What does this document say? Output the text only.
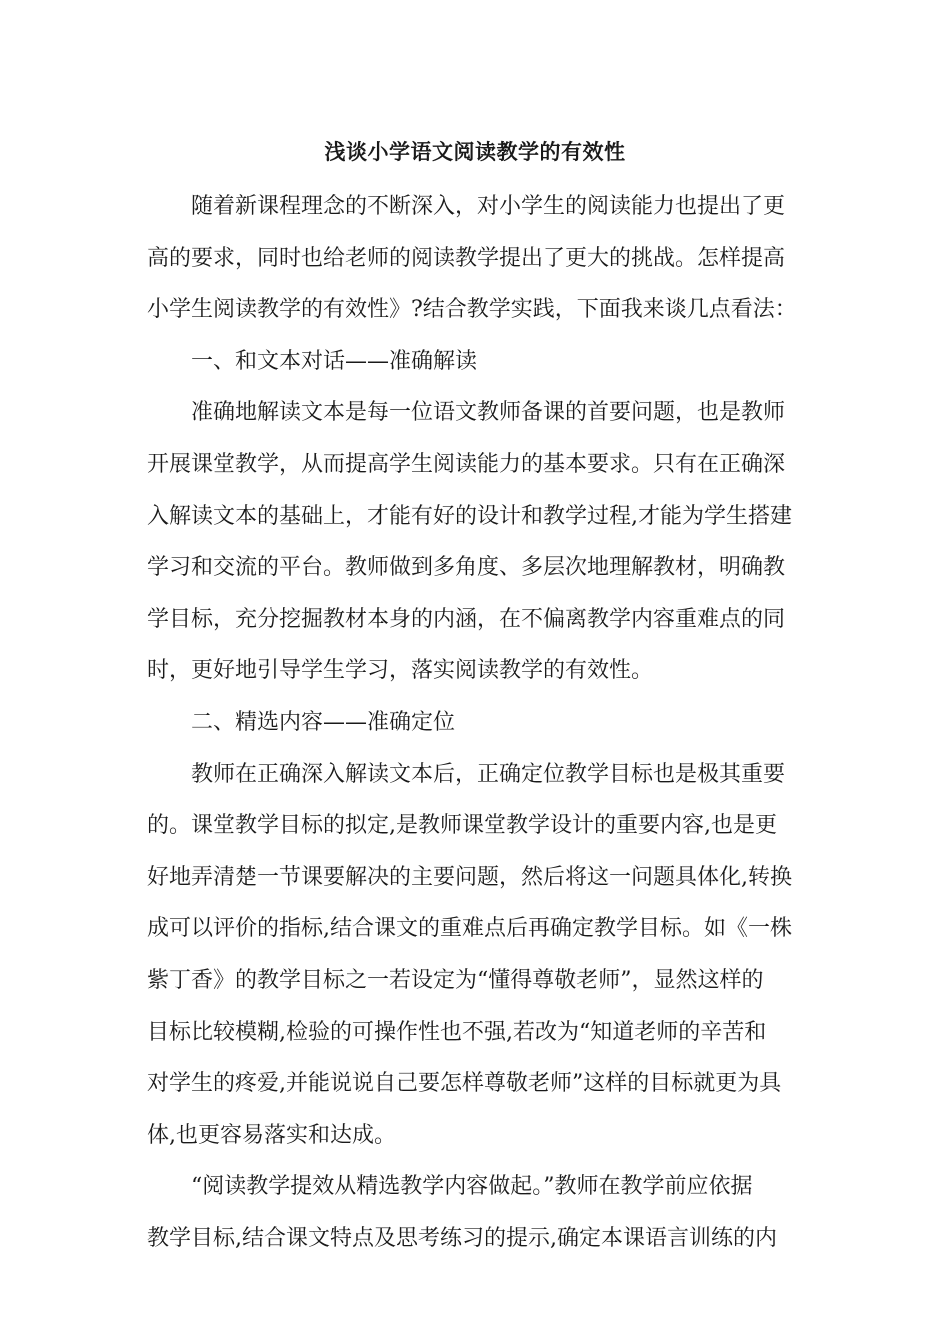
浅谈小学语文阅读教学的有效性
随着新课程理念的不断深入，对小学生的阅读能力也提出了更
高的要求，同时也给老师的阅读教学提出了更大的挑战。怎样提高
小学生阅读教学的有效性》?结合教学实践，下面我来谈几点看法：
一、和文本对话——准确解读
准确地解读文本是每一位语文教师备课的首要问题，也是教师
开展课堂教学，从而提高学生阅读能力的基本要求。只有在正确深
入解读文本的基础上，才能有好的设计和教学过程,才能为学生搭建
学习和交流的平台。教师做到多角度、多层次地理解教材，明确教
学目标，充分挖掘教材本身的内涵，在不偏离教学内容重难点的同
时，更好地引导学生学习，落实阅读教学的有效性。
二、精选内容——准确定位
教师在正确深入解读文本后，正确定位教学目标也是极其重要
的。课堂教学目标的拟定,是教师课堂教学设计的重要内容,也是更
好地弄清楚一节课要解决的主要问题，然后将这一问题具体化,转换
成可以评价的指标,结合课文的重难点后再确定教学目标。如《一株
紫丁香》的教学目标之一若设定为“懂得尊敬老师”，显然这样的
目标比较模糊,检验的可操作性也不强,若改为“知道老师的辛苦和
对学生的疼爱,并能说说自己要怎样尊敬老师”这样的目标就更为具
体,也更容易落实和达成。
“阅读教学提效从精选教学内容做起。”教师在教学前应依据
教学目标,结合课文特点及思考练习的提示,确定本课语言训练的内
